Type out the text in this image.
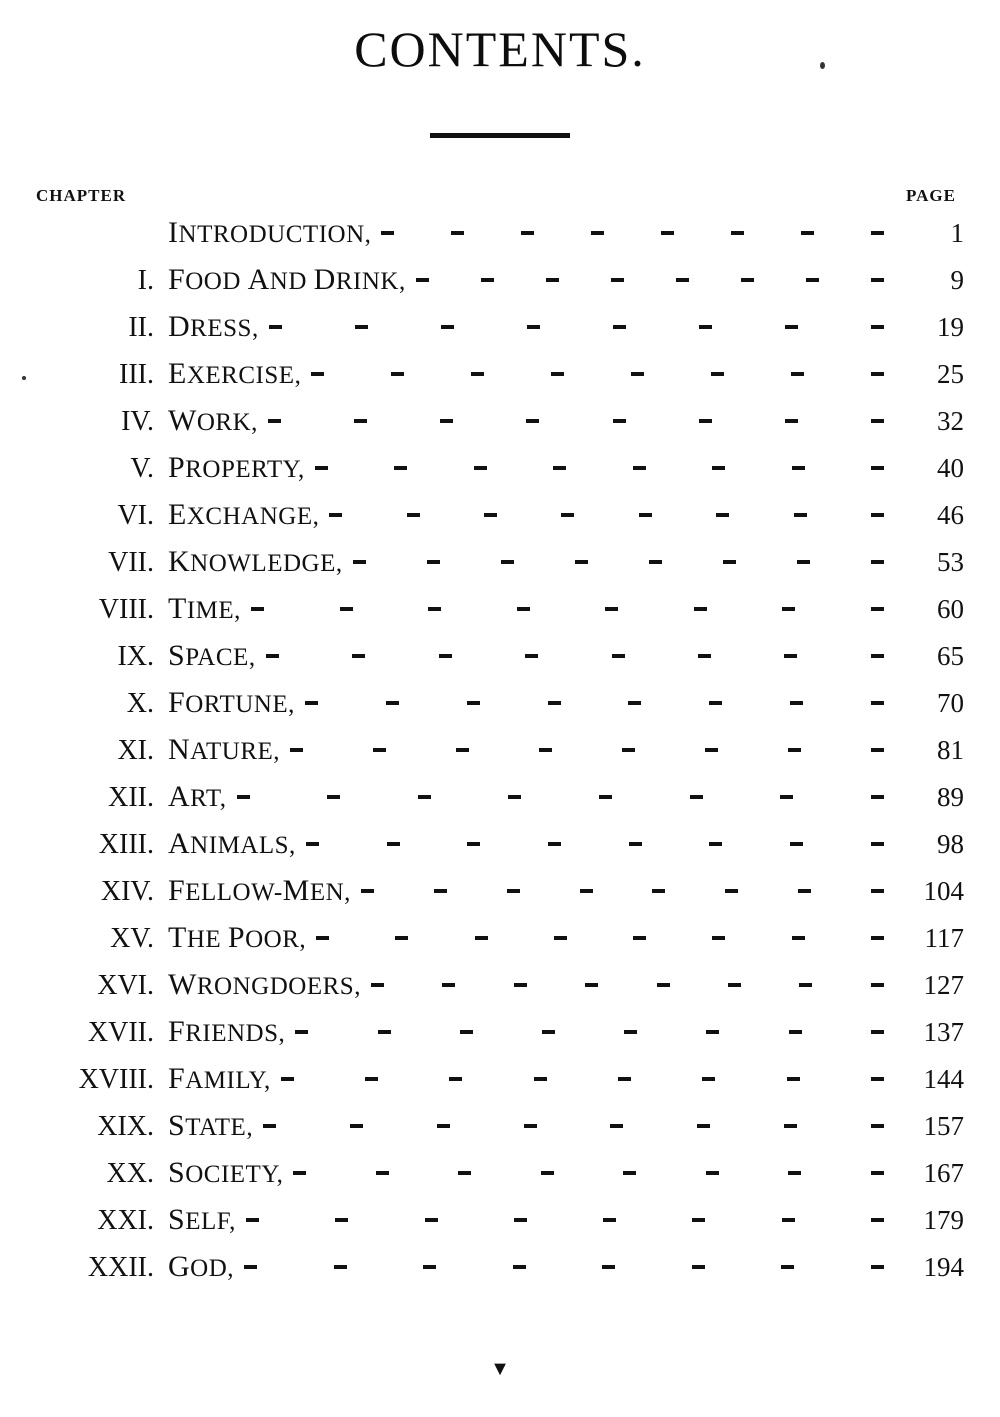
CONTENTS.
CHAPTER	PAGE
INTRODUCTION,	1
I. FOOD AND DRINK,	9
II. DRESS,	19
III. EXERCISE,	25
IV. WORK,	32
V. PROPERTY,	40
VI. EXCHANGE,	46
VII. KNOWLEDGE,	53
VIII. TIME,	60
IX. SPACE,	65
X. FORTUNE,	70
XI. NATURE,	81
XII. ART,	89
XIII. ANIMALS,	98
XIV. FELLOW-MEN,	104
XV. THE POOR,	117
XVI. WRONGDOERS,	127
XVII. FRIENDS,	137
XVIII. FAMILY,	144
XIX. STATE,	157
XX. SOCIETY,	167
XXI. SELF,	179
XXII. GOD,	194
▼
